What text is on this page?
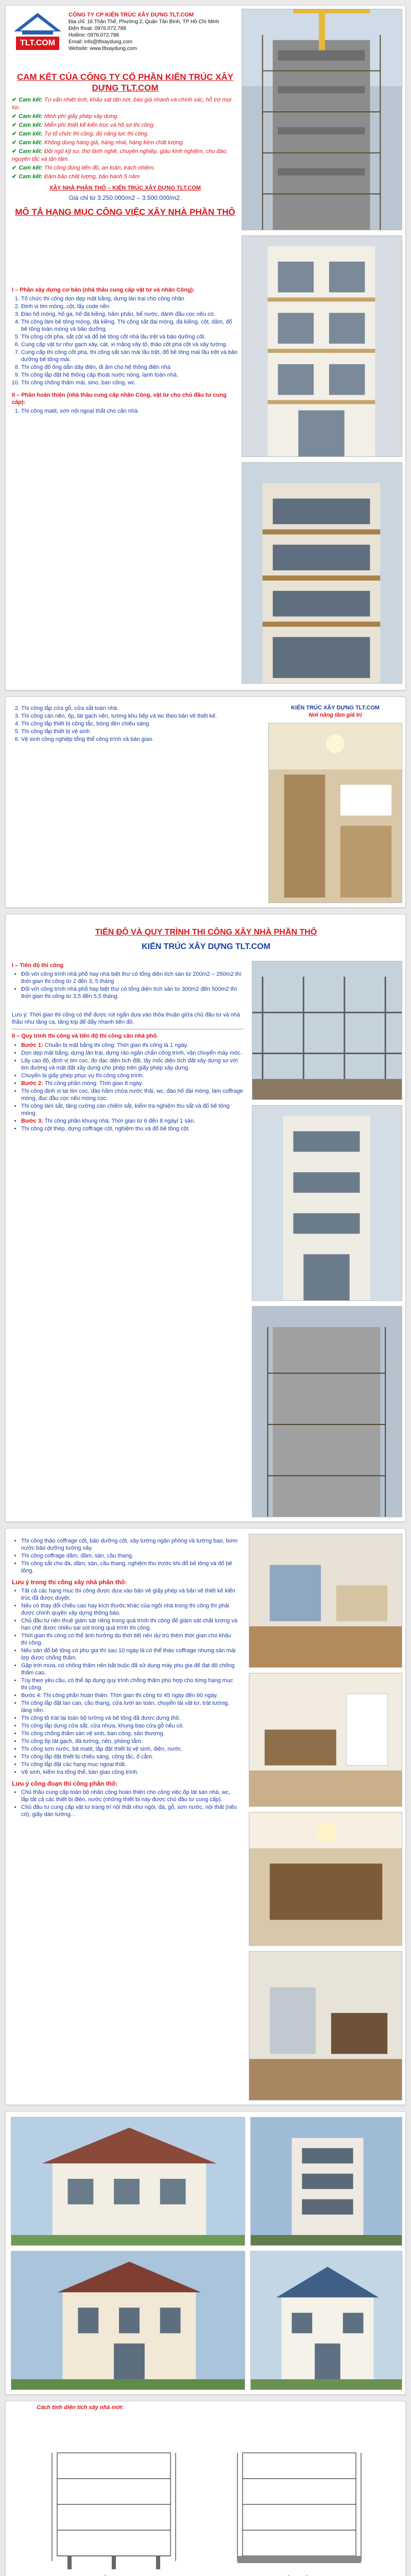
TLT.COM
CÔNG TY CP KIẾN TRÚC XÂY DỰNG TLT.COM
Địa chỉ: 16 Thân Thể, Phường 2, Quận Tân Bình, TP Hồ Chí Minh
Điện thoại: 0976.072.788
Hotline: 0976.072.788
Email: info@tltxaydung.com
Website: www.tltxaydung.com
CAM KẾT CỦA CÔNG TY CỔ PHẦN KIẾN TRÚC XÂY DỰNG TLT.COM
✔ Cam kết: Tư vấn nhiệt tình, khảo sát tận nơi, báo giá nhanh và chính xác, hỗ trợ mọi lúc.
✔ Cam kết: Minh phí giấy phép xây dựng.
✔ Cam kết: Miễn phí thiết kế kiến trúc và hồ sơ thi công.
✔ Cam kết: Tự tổ chức thi công, đủ năng lực thi công.
✔ Cam kết: Không dùng hàng giả, hàng nhái, hàng kém chất lượng.
✔ Cam kết: Đội ngũ kỹ sư, thợ lành nghề, chuyên nghiệp, giàu kinh nghiệm, chu đáo, nguyên tắc và tận tâm.
✔ Cam kết: Thi công đúng tiến độ, an toàn, trách nhiệm.
✔ Cam kết: Đảm bảo chất lượng, bảo hành 5 năm
XÂY NHÀ PHẦN THÔ – KIẾN TRÚC XÂY DỰNG TLT.COM
Giá chỉ từ 3.250.000/m2 – 3.500.000/m2.
MÔ TẢ HẠNG MỤC CÔNG VIỆC XÂY NHÀ PHẦN THÔ
I – Phần xây dựng cơ bản (nhà thầu cung cấp vật tư và nhân Công):
1. Tổ chức thi công dọn dẹp mặt bằng, dựng lán trại cho công nhân
2. Định vị tim móng, cột, lấy code nền
3. Đào hố móng, hố ga, hố đá kiềng, hầm phân, bể nước, đánh đầu cọc nếu có.
4. Thi công làm bê tông móng, đá kiềng. Thi công sắt đai móng, đá kiềng, cột, dầm, đổ bê tông toàn móng và bảo dưỡng.
5. Thi công cốt pha, sắt cột và đổ bê tông cốt nhà lầu trệt và bảo dưỡng cốt.
6. Cung cấp vật tư như gạch xây, cát, xi măng xây tô, thảo cốt pha cốt và xây tường.
7. Cung cấp thi công cốt pha, thi công sắt sàn mái lầu trệt, đổ bê tông mái lầu trệt và bảo dưỡng bê tông mái.
8. Thi công đổ ống dẫn dây điện, đi âm cho hệ thống điện nhà
9. Thi công lắp đặt hệ thống cấp thoát nước nóng, lạnh toàn nhà.
10. Thi công chống thấm mái, sino, ban công, wc
II – Phần hoàn thiện (nhà thầu cung cấp nhân Công, vật tư cho chủ đầu tư cung cấp):
1. Thi công matit, sơn nội ngoại thất cho căn nhà.
2. Thi công lắp cửa gỗ, cửa sắt toàn nhà.
3. Thi công cán nền, ốp, lát gạch nền, tường khu bếp và wc theo bản vẽ thiết kế.
4. Thi công lắp thiết bị công tắc, bóng đèn chiếu sáng.
5. Thi công lắp thiết bị vệ sinh
6. Vệ sinh công nghiệp tổng thể công trình và bàn giao.
KIẾN TRÚC XÂY DỰNG TLT.COM
Nơi năng tầm giá trị
TIẾN ĐỘ VÀ QUY TRÌNH THI CÔNG XÂY NHÀ PHẦN THÔ
KIẾN TRÚC XÂY DỰNG TLT.COM
I – Tiến độ thi công
• Đối với công trình nhà phố hay nhà biệt thự có tổng diện tích sàn từ 200m2 – 250m2 thì thời gian thi công từ 2 đến 3, 5 tháng
• Đối với công trình nhà phố hay biệt thự có tổng diện tích sàn từ 300m2 đến 500m2 thì thời gian thi công từ 3,5 đến 5,5 tháng.
Lưu ý: Thời gian thi công có thể được rút ngắn dựa vào thỏa thuận giữa chủ đầu tư và nhà thầu như tăng ca, tăng kíp để đẩy nhanh tiến độ.
II – Quy trình thi công và tiến độ thi công căn nhà phố.
• Bước 1: Chuẩn bị mặt bằng thi công: Thời gian thi công là 1 ngày.
• Dọn dẹp mặt bằng, dựng lán trại, dựng rào ngăn chắn công trình, vận chuyển máy móc.
• Lấy cao độ, định vị tim cọc, đo đạc diện tích đất, lấy mốc diện tích đất xây dựng so với tim đường và mặt đất xây dựng cho phép trên giấy phép xây dựng.
• Chuyển bị giấy phép phục vụ thi công công trình.
• Bước 2: Thi công phần móng: Thời gian 8 ngày.
• Thi công định vị tại tim cọc, đào hầm chứa nước thải, wc, đào hố đài móng, làm coffrage móng, đục đầu cọc nếu móng cọc.
• Thi công làm sắt, tăng cường cán chiếm sắt, kiểm tra nghiệm thu sắt và đổ bê tông móng.
• Bước 3: Thi công phần khung nhà: Thời gian từ 6 đến 8 ngày/ 1 sàn.
• Thi công cột thép, dựng coffrage cột, nghiệm thu và đổ bê tông cột.
• Thi công thảo coffrage cốt, bảo dưỡng cốt, xây tường ngăn phòng và tường bao, bơm nước bảo dưỡng tường xây.
• Thi công coffrage dầm, đâm, sàn, cầu thang.
• Thi công sắt cho đà, dầm, sàn, cầu thang, nghiệm thu trước khi đổ bê tông và đổ bê tông.
Lưu ý trong thi công xây nhà phần thô:
• Tất cả các hạng mục thi công được dựa vào bản vẽ giấy phép và bản vẽ thiết kế kiến trúc đã được duyệt.
• Nếu có thay đổi chiều cao hay kích thước khác của ngôi nhà trong thi công thì phải được chính quyền xây dựng thông báo.
• Chủ đầu tư nên thuê giám sát riêng trong quá trình thi công để giám sát chất lượng và hạn chế được nhiều sai sót trong quá trình thi công.
• Thời gian thi công có thể ảnh hưởng do thời tiết nên dự trù thêm thời gian cho khâu thi công.
• Nếu sàn đổ bê tông có phụ gia thì sau 10 ngày là có thể tháo coffrage nhưng sàn mái lợp được chống thấm.
• Gặp trời mưa, có chống thấm nên bắt buộc đã sử dụng máy phụ gia để đạt độ chống thấm cao.
• Tùy theo yêu cầu, có thể áp dụng quy trình chống thấm phù hợp cho từng hạng mục thi công.
• Bước 4: Thi công phần hoàn thiện: Thời gian thi công từ 45 ngày đến 60 ngày.
• Thi công lắp đặt lan can, cầu thang, cửa lưới an toàn, chuyển tải vật tư, trát tường, láng nền.
• Thi công tô trát lại toàn bộ tường và bê tông đã được dựng thô.
• Thi công lắp dựng cửa sắt, cửa nhựa, khung bao cửa gỗ nếu có.
• Thi công chống thấm sàn vệ sinh, ban công, sân thượng.
• Thi công ốp lát gạch, đá tường, nền, phòng tắm.
• Thi công sơn nước, bả matit, lắp đặt thiết bị vệ sinh, điện, nước.
• Thi công lắp đặt thiết bị chiếu sáng, công tắc, ổ cắm.
• Thi công lắp đặt các hạng mục ngoại thất.
• Vệ sinh, kiểm tra tổng thể, bàn giao công trình.
Lưu ý công đoạn thi công phần thô:
• Chủ thầu cung cấp toàn bộ nhân công hoàn thiện cho công việc ốp lát sàn nhà, wc, lắp tất cả các thiết bị điện, nước (những thiết bị này được chủ đầu tư cung cấp).
• Chủ đầu tư cung cấp vật tư trang trí nội thất như ngói, đá, gỗ, sơn nước, nội thất (nếu có), giấy dán tường...
Cách tính diện tích xây nhà mới:
